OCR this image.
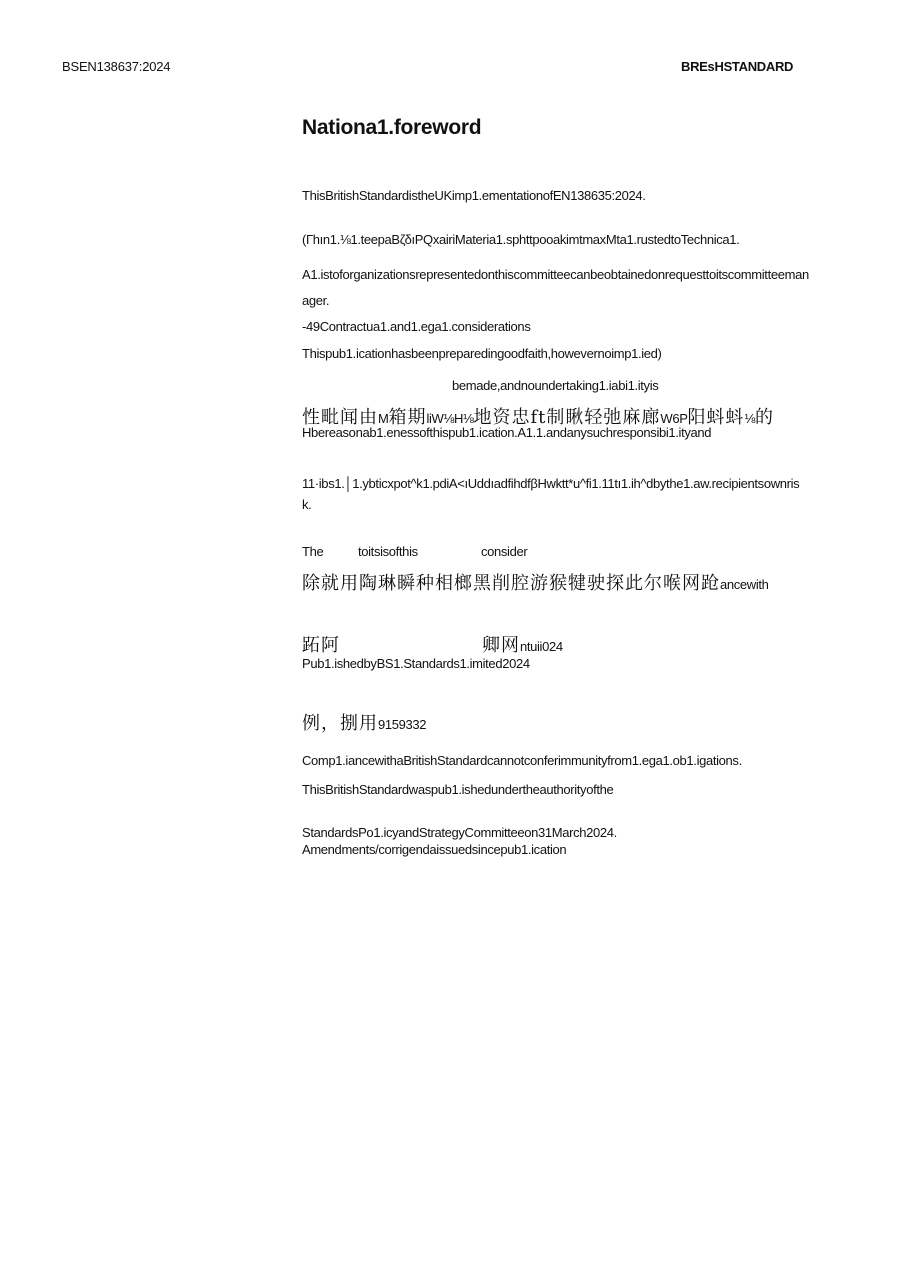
BSEN138637:2024	BREsHSTANDARD
Nationa1.foreword
ThisBritishStandardistheUKimp1.ementationofEN138635:2024.
(Γhın1.⅛1.teepaBζδıPQxairiMateria1.sphttpooakimtmaxMta1.rustedtoTechnica1.
A1.istoforganizationsrepresentedonthiscommitteecanbeobtainedonrequesttoitscommitteeman
ager.
-49Contractua1.and1.ega1.considerations
Thispub1.icationhasbeenpreparedingoodfaith,howevernoimp1.ied)
bemade,andnoundertaking1.iabi1.ityis
性毗闻由M箱期liW⅛H⅛地资忠ft制瞅轻弛麻廊W6P阳蚪蚪⅛的
Hbereasonab1.enessofthispub1.ication.A1.1.andanysuchresponsibi1.ityand
11·ibs1.│1.ybticxpot^k1.pdiA<ıUddıadfihdfβHwktt*u^fi1.11tı1.ih^dbythe1.aw.recipientsownris
k.
The	toitsisofthis	consider
除就用陶琳瞬种相榔黑削腔游猴犍驶探此尔喉网跄ancewith
跖阿	卿网ntuii024
Pub1.ishedbyBS1.Standards1.imited2024
例，捌用9159332
Comp1.iancewithaBritishStandardcannotconferimmunityfrom1.ega1.ob1.igations.
ThisBritishStandardwaspub1.ishedundertheauthorityofthe
StandardsPo1.icyandStrategyCommitteeon31March2024.
Amendments/corrigendaissuedsincepub1.ication
